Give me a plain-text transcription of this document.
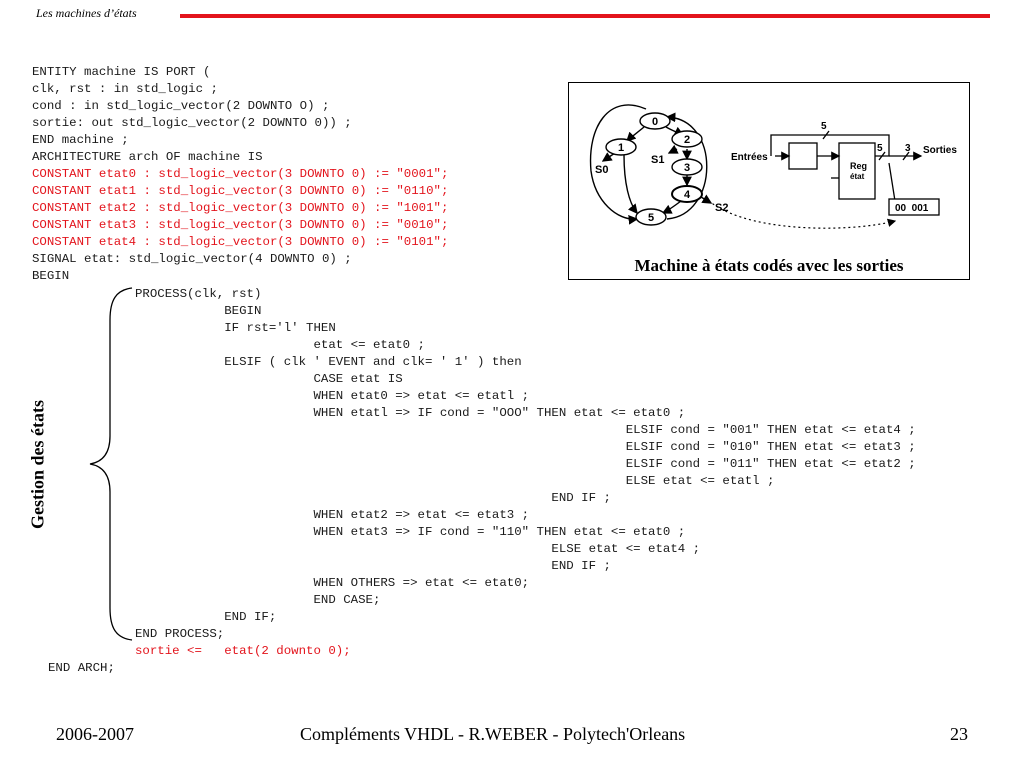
Les machines d’états
ENTITY machine IS PORT (
clk, rst : in std_logic ;
cond : in std_logic_vector(2 DOWNTO O) ;
sortie: out std_logic_vector(2 DOWNTO 0)) ;
END machine ;
ARCHITECTURE arch OF machine IS
CONSTANT etat0 : std_logic_vector(3 DOWNTO 0) := "0001";
CONSTANT etat1 : std_logic_vector(3 DOWNTO 0) := "0110";
CONSTANT etat2 : std_logic_vector(3 DOWNTO 0) := "1001";
CONSTANT etat3 : std_logic_vector(3 DOWNTO 0) := "0010";
CONSTANT etat4 : std_logic_vector(3 DOWNTO 0) := "0101";
SIGNAL etat: std_logic_vector(4 DOWNTO 0) ;
BEGIN
PROCESS(clk, rst)
BEGIN
IF rst='l' THEN
etat <= etat0 ;
ELSIF ( clk ' EVENT and clk= ' 1' ) then
CASE etat IS
WHEN etat0 => etat <= etatl ;
WHEN etatl => IF cond = "OOO" THEN etat <= etat0 ;
ELSIF cond = "001" THEN etat <= etat4 ;
ELSIF cond = "010" THEN etat <= etat3 ;
ELSIF cond = "011" THEN etat <= etat2 ;
ELSE etat <= etatl ;
END IF ;
WHEN etat2 => etat <= etat3 ;
WHEN etat3 => IF cond = "110" THEN etat <= etat0 ;
ELSE etat <= etat4 ;
END IF ;
WHEN OTHERS => etat <= etat0;
END CASE;
END IF;
END PROCESS;
sortie <=   etat(2 downto 0);
END ARCH;
Gestion des états
0
1
2
3
4
5
S0
S1
S2
Entrées
Sorties
5
5 3
Reg
état
00  001
Machine à états codés avec les sorties
2006-2007	Compléments VHDL - R.WEBER - Polytech'Orleans	23
